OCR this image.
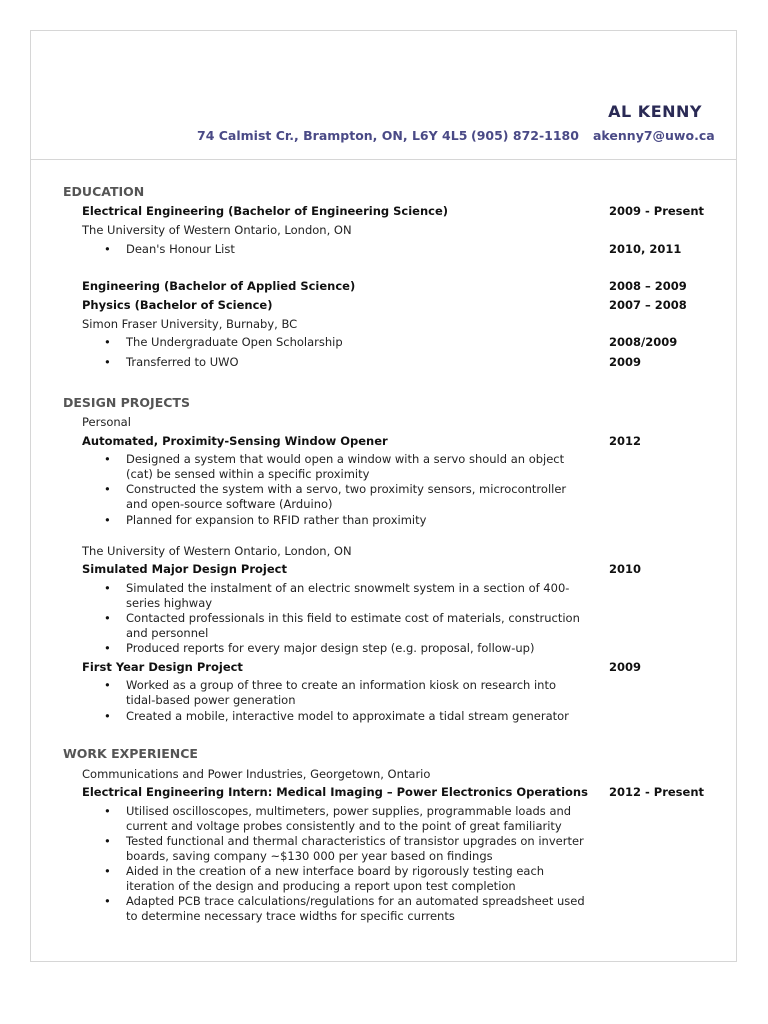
AL KENNY
74 Calmist Cr., Brampton, ON, L6Y 4L5 (905) 872-1180 akenny7@uwo.ca
EDUCATION
Electrical Engineering (Bachelor of Engineering Science)	2009 - Present
The University of Western Ontario, London, ON
• Dean's Honour List	2010, 2011
Engineering (Bachelor of Applied Science)	2008 – 2009
Physics (Bachelor of Science)	2007 – 2008
Simon Fraser University, Burnaby, BC
• The Undergraduate Open Scholarship	2008/2009
• Transferred to UWO	2009
DESIGN PROJECTS
Personal
Automated, Proximity-Sensing Window Opener	2012
• Designed a system that would open a window with a servo should an object
(cat) be sensed within a specific proximity
• Constructed the system with a servo, two proximity sensors, microcontroller
and open-source software (Arduino)
• Planned for expansion to RFID rather than proximity
The University of Western Ontario, London, ON
Simulated Major Design Project	2010
• Simulated the instalment of an electric snowmelt system in a section of 400-
series highway
• Contacted professionals in this field to estimate cost of materials, construction
and personnel
• Produced reports for every major design step (e.g. proposal, follow-up)
First Year Design Project	2009
• Worked as a group of three to create an information kiosk on research into
tidal-based power generation
• Created a mobile, interactive model to approximate a tidal stream generator
WORK EXPERIENCE
Communications and Power Industries, Georgetown, Ontario
Electrical Engineering Intern: Medical Imaging – Power Electronics Operations 2012 - Present
• Utilised oscilloscopes, multimeters, power supplies, programmable loads and
current and voltage probes consistently and to the point of great familiarity
• Tested functional and thermal characteristics of transistor upgrades on inverter
boards, saving company ~$130 000 per year based on findings
• Aided in the creation of a new interface board by rigorously testing each
iteration of the design and producing a report upon test completion
• Adapted PCB trace calculations/regulations for an automated spreadsheet used
to determine necessary trace widths for specific currents
